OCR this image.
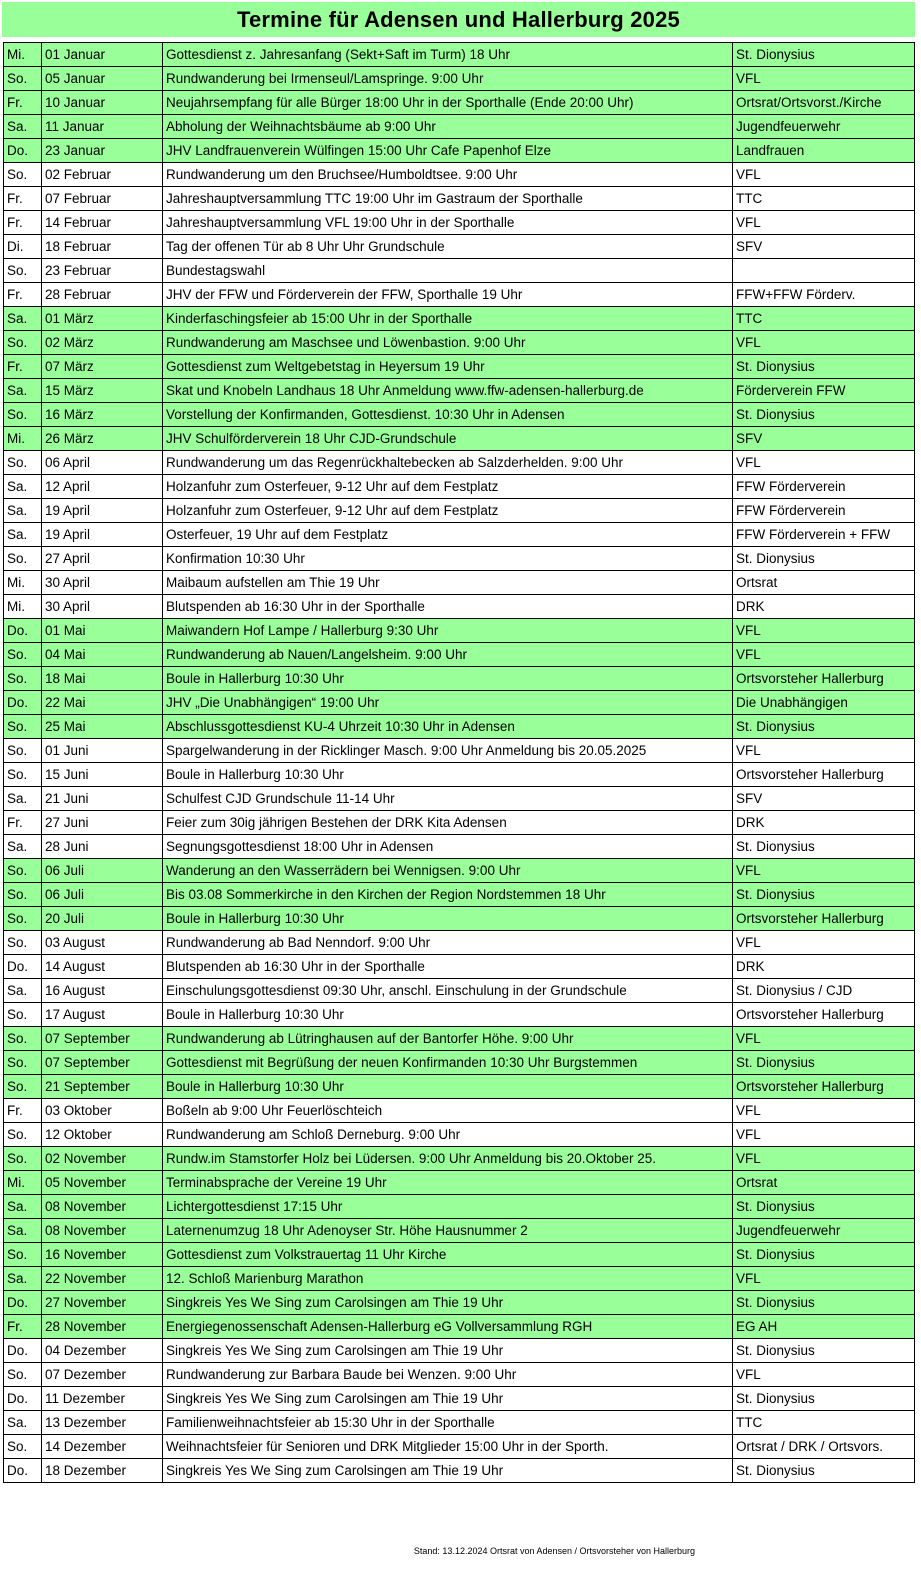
Termine für Adensen und Hallerburg 2025
Mi.	01 Januar	Gottesdienst z. Jahresanfang (Sekt+Saft im Turm) 18 Uhr	St. Dionysius
So.	05 Januar	Rundwanderung bei Irmenseul/Lamspringe. 9:00 Uhr	VFL
Fr.	10 Januar	Neujahrsempfang für alle Bürger 18:00 Uhr in der Sporthalle (Ende 20:00 Uhr)	Ortsrat/Ortsvorst./Kirche
Sa.	11 Januar	Abholung der Weihnachtsbäume ab 9:00 Uhr	Jugendfeuerwehr
Do.	23 Januar	JHV Landfrauenverein Wülfingen 15:00 Uhr Cafe Papenhof Elze	Landfrauen
So.	02 Februar	Rundwanderung um den Bruchsee/Humboldtsee. 9:00 Uhr	VFL
Fr.	07 Februar	Jahreshauptversammlung TTC 19:00 Uhr im Gastraum der Sporthalle	TTC
Fr.	14 Februar	Jahreshauptversammlung VFL 19:00 Uhr in der Sporthalle	VFL
Di.	18 Februar	Tag der offenen Tür ab 8 Uhr Uhr Grundschule	SFV
So.	23 Februar	Bundestagswahl	
Fr.	28 Februar	JHV der FFW und Förderverein der FFW, Sporthalle 19 Uhr	FFW+FFW Förderv.
Sa.	01 März	Kinderfaschingsfeier ab 15:00 Uhr in der Sporthalle	TTC
So.	02 März	Rundwanderung am Maschsee und Löwenbastion. 9:00 Uhr	VFL
Fr.	07 März	Gottesdienst zum Weltgebetstag in Heyersum 19 Uhr	St. Dionysius
Sa.	15 März	Skat und Knobeln Landhaus 18 Uhr Anmeldung www.ffw-adensen-hallerburg.de	Förderverein FFW
So.	16 März	Vorstellung der Konfirmanden, Gottesdienst. 10:30 Uhr in Adensen	St. Dionysius
Mi.	26 März	JHV Schulförderverein 18 Uhr CJD-Grundschule	SFV
So.	06 April	Rundwanderung um das Regenrückhaltebecken ab Salzderhelden. 9:00 Uhr	VFL
Sa.	12 April	Holzanfuhr zum Osterfeuer, 9-12 Uhr auf dem Festplatz	FFW Förderverein
Sa.	19 April	Holzanfuhr zum Osterfeuer, 9-12 Uhr auf dem Festplatz	FFW Förderverein
Sa.	19 April	Osterfeuer, 19 Uhr auf dem Festplatz	FFW Förderverein + FFW
So.	27 April	Konfirmation 10:30 Uhr	St. Dionysius
Mi.	30 April	Maibaum aufstellen am Thie 19 Uhr	Ortsrat
Mi.	30 April	Blutspenden ab 16:30 Uhr in der Sporthalle	DRK
Do.	01 Mai	Maiwandern Hof Lampe / Hallerburg 9:30 Uhr	VFL
So.	04 Mai	Rundwanderung ab Nauen/Langelsheim. 9:00 Uhr	VFL
So.	18 Mai	Boule in Hallerburg 10:30 Uhr	Ortsvorsteher Hallerburg
Do.	22 Mai	JHV „Die Unabhängigen“ 19:00 Uhr	Die Unabhängigen
So.	25 Mai	Abschlussgottesdienst KU-4 Uhrzeit 10:30 Uhr in Adensen	St. Dionysius
So.	01 Juni	Spargelwanderung in der Ricklinger Masch. 9:00 Uhr Anmeldung bis 20.05.2025	VFL
So.	15 Juni	Boule in Hallerburg 10:30 Uhr	Ortsvorsteher Hallerburg
Sa.	21 Juni	Schulfest CJD Grundschule 11-14 Uhr	SFV
Fr.	27 Juni	Feier zum 30ig jährigen Bestehen der DRK Kita Adensen	DRK
Sa.	28 Juni	Segnungsgottesdienst 18:00 Uhr in Adensen	St. Dionysius
So.	06 Juli	Wanderung an den Wasserrädern bei Wennigsen. 9:00 Uhr	VFL
So.	06 Juli	Bis 03.08 Sommerkirche in den Kirchen der Region Nordstemmen 18 Uhr	St. Dionysius
So.	20 Juli	Boule in Hallerburg 10:30 Uhr	Ortsvorsteher Hallerburg
So.	03 August	Rundwanderung ab Bad Nenndorf. 9:00 Uhr	VFL
Do.	14 August	Blutspenden ab 16:30 Uhr in der Sporthalle	DRK
Sa.	16 August	Einschulungsgottesdienst 09:30 Uhr, anschl. Einschulung in der Grundschule	St. Dionysius / CJD
So.	17 August	Boule in Hallerburg 10:30 Uhr	Ortsvorsteher Hallerburg
So.	07 September	Rundwanderung ab Lütringhausen auf der Bantorfer Höhe. 9:00 Uhr	VFL
So.	07 September	Gottesdienst mit Begrüßung der neuen Konfirmanden 10:30 Uhr Burgstemmen	St. Dionysius
So.	21 September	Boule in Hallerburg 10:30 Uhr	Ortsvorsteher Hallerburg
Fr.	03 Oktober	Boßeln ab 9:00 Uhr Feuerlöschteich	VFL
So.	12 Oktober	Rundwanderung am Schloß Derneburg. 9:00 Uhr	VFL
So.	02 November	Rundw.im Stamstorfer Holz bei Lüdersen. 9:00 Uhr Anmeldung bis 20.Oktober 25.	VFL
Mi.	05 November	Terminabsprache der Vereine 19 Uhr	Ortsrat
Sa.	08 November	Lichtergottesdienst 17:15 Uhr	St. Dionysius
Sa.	08 November	Laternenumzug 18 Uhr Adenoyser Str. Höhe Hausnummer 2	Jugendfeuerwehr
So.	16 November	Gottesdienst zum Volkstrauertag 11 Uhr Kirche	St. Dionysius
Sa.	22 November	12. Schloß Marienburg Marathon	VFL
Do.	27 November	Singkreis Yes We Sing zum Carolsingen am Thie 19 Uhr	St. Dionysius
Fr.	28 November	Energiegenossenschaft Adensen-Hallerburg eG Vollversammlung RGH	EG AH
Do.	04 Dezember	Singkreis Yes We Sing zum Carolsingen am Thie 19 Uhr	St. Dionysius
So.	07 Dezember	Rundwanderung zur Barbara Baude bei Wenzen. 9:00 Uhr	VFL
Do.	11 Dezember	Singkreis Yes We Sing zum Carolsingen am Thie 19 Uhr	St. Dionysius
Sa.	13 Dezember	Familienweihnachtsfeier ab 15:30 Uhr in der Sporthalle	TTC
So.	14 Dezember	Weihnachtsfeier für Senioren und DRK Mitglieder 15:00 Uhr in der Sporth.	Ortsrat / DRK / Ortsvors.
Do.	18 Dezember	Singkreis Yes We Sing zum Carolsingen am Thie 19 Uhr	St. Dionysius
Stand: 13.12.2024 Ortsrat von Adensen / Ortsvorsteher von Hallerburg
